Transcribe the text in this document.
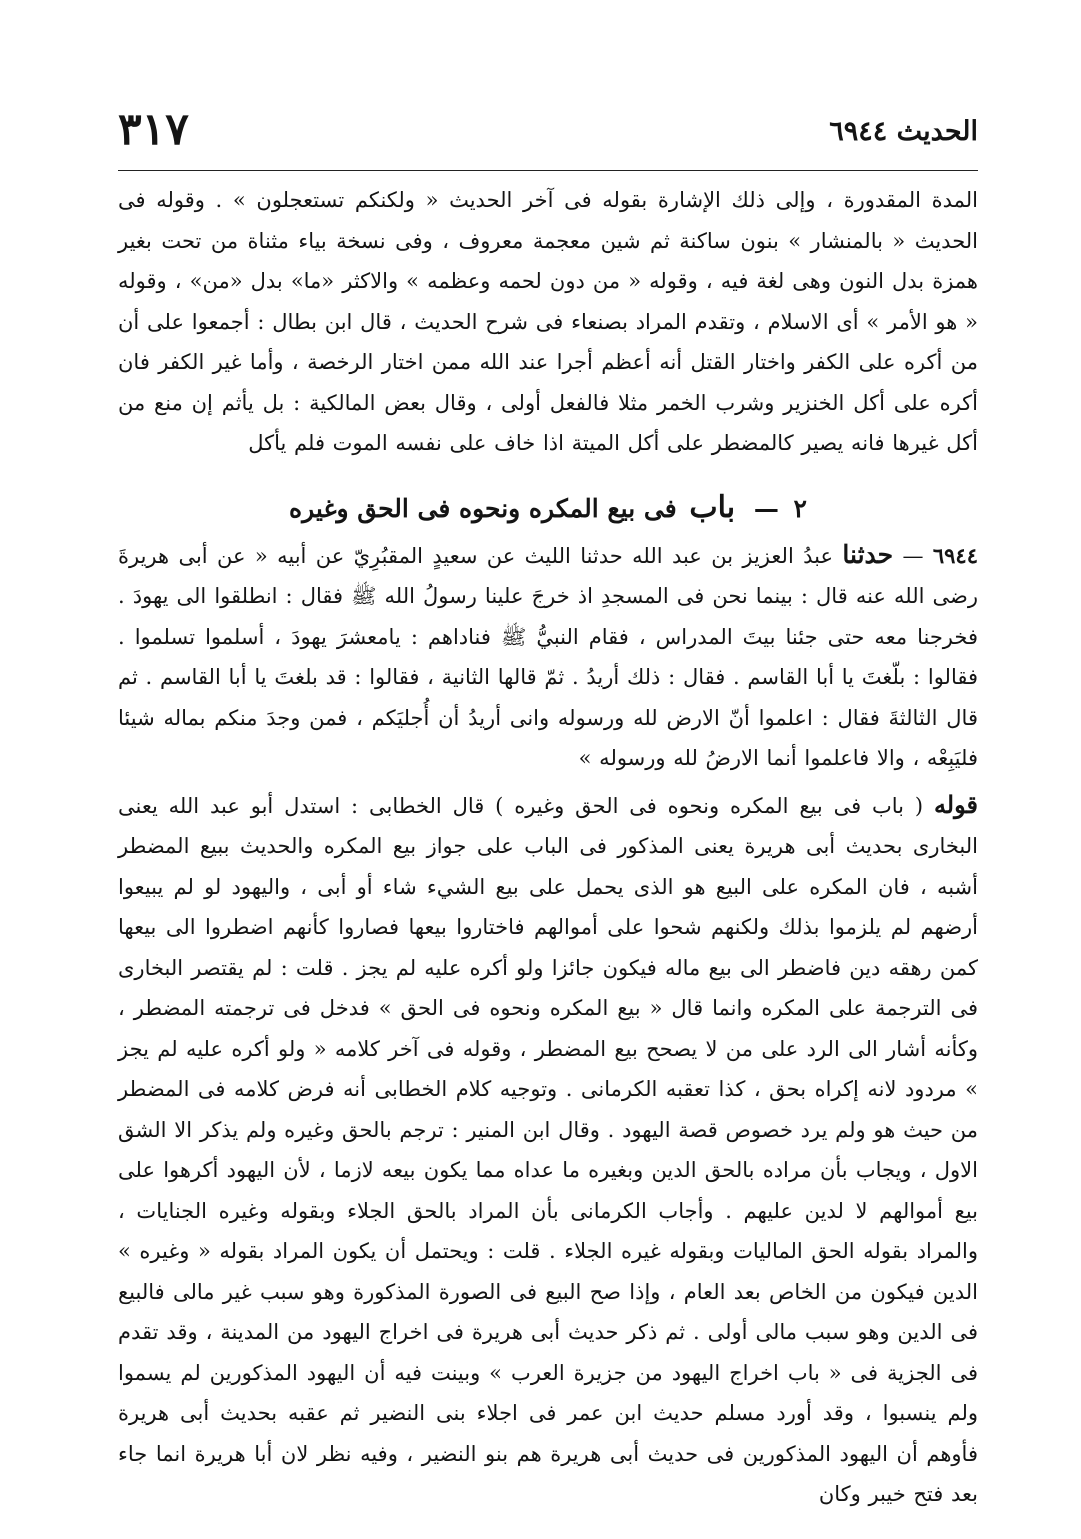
الحديث ٦٩٤٤
٣١٧

المدة المقدورة ، وإلى ذلك الإشارة بقوله فى آخر الحديث « ولكنكم تستعجلون » . وقوله فى الحديث « بالمنشار » بنون ساكنة ثم شين معجمة معروف ، وفى نسخة بياء مثناة من تحت بغير همزة بدل النون وهى لغة فيه ، وقوله « من دون لحمه وعظمه » والاكثر «ما» بدل «من» ، وقوله « هو الأمر » أى الاسلام ، وتقدم المراد بصنعاء فى شرح الحديث ، قال ابن بطال : أجمعوا على أن من أكره على الكفر واختار القتل أنه أعظم أجرا عند الله ممن اختار الرخصة ، وأما غير الكفر فان أكره على أكل الخنزير وشرب الخمر مثلا فالفعل أولى ، وقال بعض المالكية : بل يأثم إن منع من أكل غيرها فانه يصير كالمضطر على أكل الميتة اذا خاف على نفسه الموت فلم يأكل

٢ — باب فى بيع المكره ونحوه فى الحق وغيره

٦٩٤٤ — حدثنا عبدُ العزيز بن عبد الله حدثنا الليث عن سعيدٍ المقبُرِيّ عن أبيه « عن أبى هريرةَ رضى الله عنه قال : بينما نحن فى المسجدِ اذ خرجَ علينا رسولُ الله ﷺ فقال : انطلقوا الى يهودَ . فخرجنا معه حتى جئنا بيتَ المدراس ، فقام النبيُّ ﷺ فناداهم : يامعشرَ يهودَ ، أسلموا تسلموا . فقالوا : بلّغتَ يا أبا القاسم . فقال : ذلك أريدُ . ثمّ قالها الثانية ، فقالوا : قد بلغتَ يا أبا القاسم . ثم قال الثالثةَ فقال : اعلموا أنّ الارض لله ورسوله وانى أريدُ أن أُجليَكم ، فمن وجدَ منكم بماله شيئا فليَبِعْه ، والا فاعلموا أنما الارضُ لله ورسوله »

قوله ( باب فى بيع المكره ونحوه فى الحق وغيره ) قال الخطابى : استدل أبو عبد الله يعنى البخارى بحديث أبى هريرة يعنى المذكور فى الباب على جواز بيع المكره والحديث ببيع المضطر أشبه ، فان المكره على البيع هو الذى يحمل على بيع الشيء شاء أو أبى ، واليهود لو لم يبيعوا أرضهم لم يلزموا بذلك ولكنهم شحوا على أموالهم فاختاروا بيعها فصاروا كأنهم اضطروا الى بيعها كمن رهقه دين فاضطر الى بيع ماله فيكون جائزا ولو أكره عليه لم يجز . قلت : لم يقتصر البخارى فى الترجمة على المكره وانما قال « بيع المكره ونحوه فى الحق » فدخل فى ترجمته المضطر ، وكأنه أشار الى الرد على من لا يصحح بيع المضطر ، وقوله فى آخر كلامه « ولو أكره عليه لم يجز » مردود لانه إكراه بحق ، كذا تعقبه الكرمانى . وتوجيه كلام الخطابى أنه فرض كلامه فى المضطر من حيث هو ولم يرد خصوص قصة اليهود . وقال ابن المنير : ترجم بالحق وغيره ولم يذكر الا الشق الاول ، ويجاب بأن مراده بالحق الدين وبغيره ما عداه مما يكون بيعه لازما ، لأن اليهود أكرهوا على بيع أموالهم لا لدين عليهم . وأجاب الكرمانى بأن المراد بالحق الجلاء وبقوله وغيره الجنايات ، والمراد بقوله الحق الماليات وبقوله غيره الجلاء . قلت : ويحتمل أن يكون المراد بقوله « وغيره » الدين فيكون من الخاص بعد العام ، وإذا صح البيع فى الصورة المذكورة وهو سبب غير مالى فالبيع فى الدين وهو سبب مالى أولى . ثم ذكر حديث أبى هريرة فى اخراج اليهود من المدينة ، وقد تقدم فى الجزية فى « باب اخراج اليهود من جزيرة العرب » وبينت فيه أن اليهود المذكورين لم يسموا ولم ينسبوا ، وقد أورد مسلم حديث ابن عمر فى اجلاء بنى النضير ثم عقبه بحديث أبى هريرة فأوهم أن اليهود المذكورين فى حديث أبى هريرة هم بنو النضير ، وفيه نظر لان أبا هريرة انما جاء بعد فتح خيبر وكان
